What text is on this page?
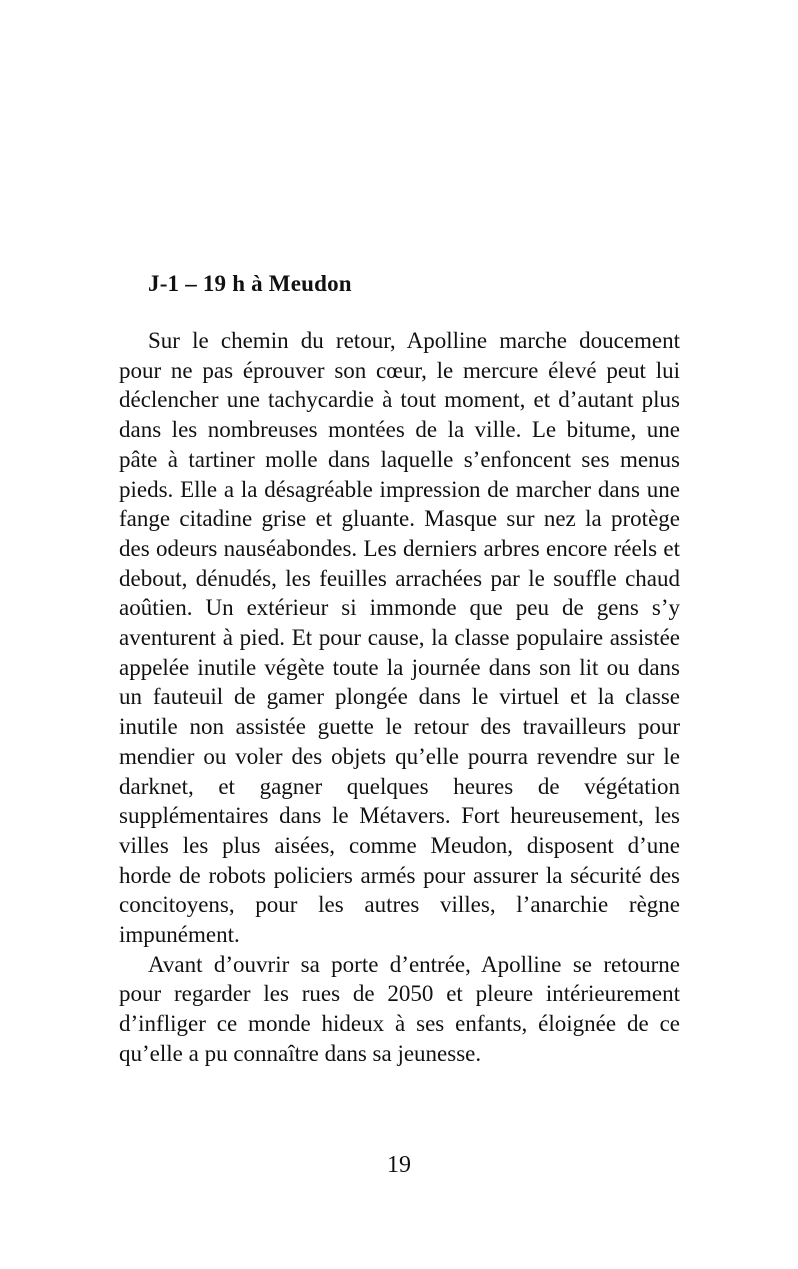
J-1 – 19 h à Meudon

Sur le chemin du retour, Apolline marche doucement pour ne pas éprouver son cœur, le mercure élevé peut lui déclencher une tachycardie à tout moment, et d’autant plus dans les nombreuses montées de la ville. Le bitume, une pâte à tartiner molle dans laquelle s’enfoncent ses menus pieds. Elle a la désagréable impression de marcher dans une fange citadine grise et gluante. Masque sur nez la protège des odeurs nauséabondes. Les derniers arbres encore réels et debout, dénudés, les feuilles arrachées par le souffle chaud aoûtien. Un extérieur si immonde que peu de gens s’y aventurent à pied. Et pour cause, la classe populaire assistée appelée inutile végète toute la journée dans son lit ou dans un fauteuil de gamer plongée dans le virtuel et la classe inutile non assistée guette le retour des travailleurs pour mendier ou voler des objets qu’elle pourra revendre sur le darknet, et gagner quelques heures de végétation supplémentaires dans le Métavers. Fort heureusement, les villes les plus aisées, comme Meudon, disposent d’une horde de robots policiers armés pour assurer la sécurité des concitoyens, pour les autres villes, l’anarchie règne impunément.

Avant d’ouvrir sa porte d’entrée, Apolline se retourne pour regarder les rues de 2050 et pleure intérieurement d’infliger ce monde hideux à ses enfants, éloignée de ce qu’elle a pu connaître dans sa jeunesse.

19
